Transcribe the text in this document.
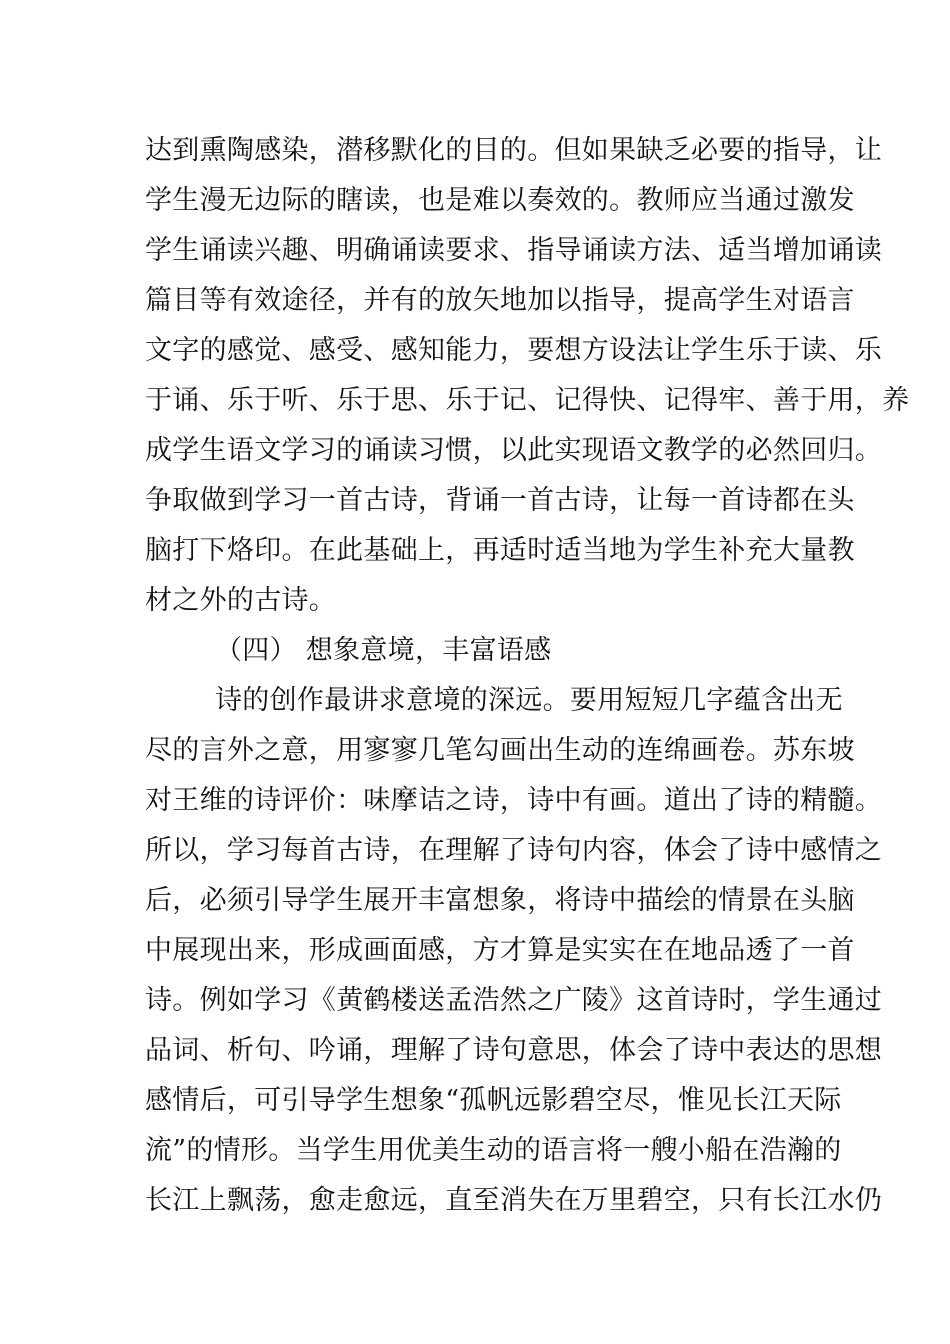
达到熏陶感染，潜移默化的目的。但如果缺乏必要的指导，让
学生漫无边际的瞎读，也是难以奏效的。教师应当通过激发
学生诵读兴趣、明确诵读要求、指导诵读方法、适当增加诵读
篇目等有效途径，并有的放矢地加以指导，提高学生对语言
文字的感觉、感受、感知能力，要想方设法让学生乐于读、乐
于诵、乐于听、乐于思、乐于记、记得快、记得牢、善于用，养
成学生语文学习的诵读习惯，以此实现语文教学的必然回归。
争取做到学习一首古诗，背诵一首古诗，让每一首诗都在头
脑打下烙印。在此基础上，再适时适当地为学生补充大量教
材之外的古诗。
（四） 想象意境，丰富语感
诗的创作最讲求意境的深远。要用短短几字蕴含出无
尽的言外之意，用寥寥几笔勾画出生动的连绵画卷。苏东坡
对王维的诗评价：味摩诘之诗，诗中有画。道出了诗的精髓。
所以，学习每首古诗，在理解了诗句内容，体会了诗中感情之
后，必须引导学生展开丰富想象，将诗中描绘的情景在头脑
中展现出来，形成画面感，方才算是实实在在地品透了一首
诗。例如学习《黄鹤楼送孟浩然之广陵》这首诗时，学生通过
品词、析句、吟诵，理解了诗句意思，体会了诗中表达的思想
感情后，可引导学生想象“孤帆远影碧空尽，惟见长江天际
流”的情形。当学生用优美生动的语言将一艘小船在浩瀚的
长江上飘荡，愈走愈远，直至消失在万里碧空，只有长江水仍
